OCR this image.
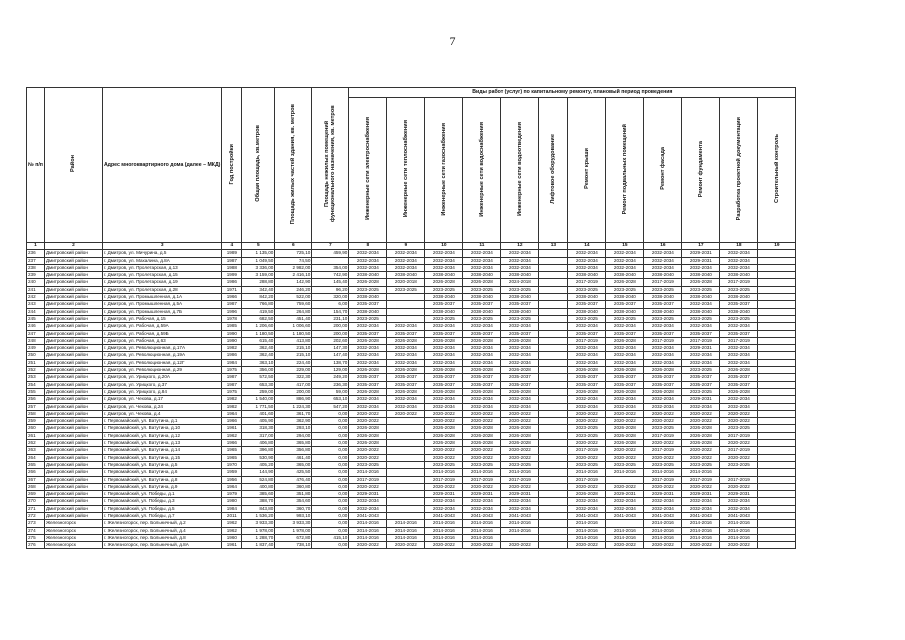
7
№ п/п	Район	Адрес многоквартирного дома (далее – МКД)	Год постройки	Общая площадь, кв.метров	Площадь жилых частей здания, кв. метров	Площадь нежилых помещений функционального назначения, кв. метров	Виды работ (услуг) по капитальному ремонту, плановый период проведения											
							Инженерные сети электроснабжения	Инженерные сети теплоснабжения	Инженерные сети газоснабжения	Инженерные сети водоснабжения	Инженерные сети водоотведения	Лифтовое оборудование	Ремонт крыши	Ремонт подвальных помещений	Ремонт фасада	Ремонт фундамента	Разработка проектной документации	Строительный контроль
1	2	3	4	5	6	7	8	9	10	11	12	13	14	15	16	17	18	19
236	Дмитровский район	г. Дмитров, ул. Мичурина, д.5	1989	1 135,00	725,10	459,90	2032-2034	2032-2034	2032-2034	2032-2034	2032-2034		2032-2034	2032-2034	2032-2034	2029-2031	2032-2034	
237	Дмитровский район	г. Дмитров, ул. Махалина, д.8А	1987	1 049,50	74,50		2032-2034	2032-2034	2032-2034	2032-2034	2032-2034		2032-2034	2032-2034	2032-2034	2029-2031	2032-2034	
238	Дмитровский район	г. Дмитров, ул. Пролетарская, д.13	1988	3 336,00	2 982,00	354,00	2032-2034	2032-2034	2032-2034	2032-2034	2032-2034		2032-2034	2032-2034	2032-2034	2032-2034	2032-2034	
239	Дмитровский район	г. Дмитров, ул. Пролетарская, д.15	1999	3 159,00	2 416,10	742,90	2038-2040	2038-2040	2038-2040	2038-2040	2038-2040		2038-2040	2038-2040	2038-2040	2038-2040	2038-2040	
240	Дмитровский район	г. Дмитров, ул. Пролетарская, д.19	1986	288,80	142,90	145,40	2026-2028	2020-2018	2026-2028	2026-2028	2024-2018		2017-2019	2026-2028	2017-2019	2026-2028	2017-2019	
241	Дмитровский район	г. Дмитров, ул. Пролетарская, д.28	1971	342,40	246,20	96,20	2023-2025	2023-2025	2023-2025	2023-2025	2023-2025		2023-2025	2023-2025	2023-2025	2023-2025	2023-2025	
242	Дмитровский район	г. Дмитров, ул. Промышленная, д.1А	1966	842,20	522,00	320,00	2038-2040		2038-2040	2038-2040	2038-2040		2038-2040	2038-2040	2038-2040	2038-2040	2038-2040	
243	Дмитровский район	г. Дмитров, ул. Промышленная, д.5А	1987	766,80	759,60	6,00	2035-2037		2035-2037	2035-2037	2035-2037		2035-2037	2035-2037	2035-2037	2032-2034	2035-2037	
244	Дмитровский район	г. Дмитров, ул. Промышленная, д.7Б	1996	419,50	264,80	154,70	2038-2040		2038-2040	2038-2040	2038-2040		2038-2040	2038-2040	2038-2040	2038-2040	2038-2040	
245	Дмитровский район	г. Дмитров, ул. Рабочая, д.15	1978	682,50	451,40	231,10	2023-2025		2023-2025	2023-2025	2023-2025		2023-2025	2023-2025	2023-2025	2023-2025	2023-2025	
246	Дмитровский район	г. Дмитров, ул. Рабочая, д.59А	1985	1 206,60	1 006,60	200,00	2032-2034	2032-2034	2032-2034	2032-2034	2032-2034		2032-2034	2032-2034	2032-2034	2032-2034	2032-2034	
247	Дмитровский район	г. Дмитров, ул. Рабочая, д.59Б	1990	1 180,50	1 180,50	200,00	2035-2037	2035-2037	2035-2037	2035-2037	2035-2037		2035-2037	2035-2037	2035-2037	2035-2037	2035-2037	
248	Дмитровский район	г. Дмитров, ул. Рабочая, д.63	1990	615,40	413,80	202,60	2026-2028	2026-2028	2026-2028	2026-2028	2026-2028		2017-2019	2026-2028	2017-2019	2017-2019	2017-2019	
249	Дмитровский район	г. Дмитров, ул. Революционная, д.17А	1982	362,40	215,10	147,30	2032-2034	2032-2034	2032-2034	2032-2034	2032-2034		2032-2034	2032-2034	2032-2034	2029-2031	2032-2034	
250	Дмитровский район	г. Дмитров, ул. Революционная, д.19А	1986	362,40	215,10	147,40	2032-2034	2032-2034	2032-2034	2032-2034	2032-2034		2032-2034	2032-2034	2032-2034	2032-2034	2032-2034	
251	Дмитровский район	г. Дмитров, ул. Революционная, д.12Г	1984	363,10	224,40	138,70	2032-2034	2032-2034	2032-2034	2032-2034	2032-2034		2032-2034	2032-2034	2032-2034	2032-2034	2032-2034	
252	Дмитровский район	г. Дмитров, ул. Революционная, д.29	1975	356,00	229,00	129,00	2026-2028	2026-2028	2026-2028	2026-2028	2026-2028		2026-2028	2026-2028	2026-2028	2023-2025	2026-2028	
253	Дмитровский район	г. Дмитров, ул. Урицкого, д.20А	1987	572,50	322,30	249,20	2035-2037	2035-2037	2035-2037	2035-2037	2035-2037		2035-2037	2035-2037	2035-2037	2035-2037	2035-2037	
254	Дмитровский район	г. Дмитров, ул. Урицкого, д.37	1987	653,30	417,00	236,30	2035-2037	2035-2037	2035-2037	2035-2037	2035-2037		2035-2037	2035-2037	2035-2037	2035-2037	2035-2037	
255	Дмитровский район	г. Дмитров, ул. Урицкого, д.84	1975	259,00	200,00	59,00	2026-2028	2026-2028	2026-2028	2026-2028	2026-2028		2026-2028	2026-2028	2026-2028	2023-2025	2026-2028	
256	Дмитровский район	г. Дмитров, ул. Чехова, д.17	1982	1 540,00	886,90	653,10	2032-2034	2032-2034	2032-2034	2032-2034	2032-2034		2032-2034	2032-2034	2032-2034	2029-2031	2032-2034	
257	Дмитровский район	г. Дмитров, ул. Чехова, д.24	1982	1 771,50	1 224,30	547,20	2032-2034	2032-2034	2032-2034	2032-2034	2032-2034		2032-2034	2032-2034	2032-2034	2032-2034	2032-2034	
258	Дмитровский район	г. Дмитров, ул. Чехова, д.4	1964	401,60	361,70	0,00	2020-2022	2020-2022	2020-2022	2020-2022	2020-2022		2020-2022	2020-2022	2020-2022	2020-2022	2020-2022	
259	Дмитровский район	г. Первомайский, ул. Ватутина, д.1	1966	405,90	362,90	0,00	2020-2022		2020-2022	2020-2022	2020-2022		2020-2022	2020-2022	2020-2022	2020-2022	2020-2022	
260	Дмитровский район	г. Первомайский, ул. Ватутина, д.10	1961	318,30	293,10	0,00	2026-2028		2026-2028	2026-2028	2026-2028		2023-2025	2026-2028	2023-2025	2026-2028	2023-2025	
261	Дмитровский район	г. Первомайский, ул. Ватутина, д.12	1962	317,00	294,00	0,00	2026-2028		2026-2028	2026-2028	2026-2028		2023-2025	2026-2028	2017-2019	2026-2028	2017-2019	
262	Дмитровский район	г. Первомайский, ул. Ватутина, д.13	1966	406,80	365,80	0,00	2026-2028		2026-2028	2026-2028	2026-2028		2020-2022	2026-2028	2020-2022	2026-2028	2020-2022	
263	Дмитровский район	г. Первомайский, ул. Ватутина, д.14	1965	396,80	356,80	0,00	2020-2022		2020-2022	2020-2022	2020-2022		2017-2019	2020-2022	2017-2019	2020-2022	2017-2019	
264	Дмитровский район	г. Первомайский, ул. Ватутина, д.15	1965	530,90	461,40	0,00	2020-2022		2020-2022	2020-2022	2020-2022		2020-2022	2020-2022	2020-2022	2020-2022	2020-2022	
265	Дмитровский район	г. Первомайский, ул. Ватутина, д.5	1970	405,20	365,00	0,00	2023-2025		2023-2025	2023-2025	2023-2025		2023-2025	2023-2025	2023-2025	2023-2025	2023-2025	
266	Дмитровский район	г. Первомайский, ул. Ватутина, д.6	1959	144,90	425,50	0,00	2014-2016		2014-2016	2014-2016	2014-2016		2014-2016	2014-2016	2014-2016	2014-2016		
267	Дмитровский район	г. Первомайский, ул. Ватутина, д.8	1956	524,80	476,40	0,00	2017-2019		2017-2019	2017-2019	2017-2019		2017-2019		2017-2019	2017-2019	2017-2019	
268	Дмитровский район	г. Первомайский, ул. Ватутина, д.9	1964	400,80	360,80	0,00	2020-2022		2020-2022	2020-2022	2020-2022		2020-2022	2020-2022	2020-2022	2020-2022	2020-2022	
269	Дмитровский район	г. Первомайский, ул. Победы, д.1	1979	385,60	351,80	0,00	2029-2031		2029-2031	2029-2031	2029-2031		2026-2028	2029-2031	2029-2031	2029-2031	2029-2031	
270	Дмитровский район	г. Первомайский, ул. Победы, д.3	1980	388,70	354,60	0,00	2032-2034		2032-2034	2032-2034	2032-2034		2032-2034	2032-2034	2032-2034	2032-2034	2032-2034	
271	Дмитровский район	г. Первомайский, ул. Победы, д.5	1984	843,80	360,70	0,00	2032-2034		2032-2034	2032-2034	2032-2034		2032-2034	2032-2034	2032-2034	2032-2034	2032-2034	
272	Дмитровский район	г. Первомайский, ул. Победы, д.7	2011	1 536,20	993,10	0,00	2041-2043		2041-2043	2041-2043	2041-2043		2041-2043	2041-2043	2041-2043	2041-2043	2041-2043	
273	Железногорск	г. Железногорск, пер. Больничный, д.2	1962	3 933,30	3 933,30	0,00	2014-2016	2014-2016	2014-2016	2014-2016	2014-2016		2014-2016		2014-2016	2014-2016	2014-2016	
274	Железногорск	г. Железногорск, пер. Больничный, д.4	1962	1 978,00	1 978,00	0,00	2014-2016	2014-2016	2014-2016	2014-2016	2014-2016		2014-2016	2014-2016	2014-2016	2014-2016	2014-2016	
275	Железногорск	г. Железногорск, пер. Больничный, д.8	1960	1 288,70	672,80	415,10	2014-2016	2014-2016	2014-2016	2014-2016			2014-2016	2014-2016	2014-2016	2014-2016	2014-2016	
276	Железногорск	г. Железногорск, пер. Больничный, д.8А	1961	1 837,40	738,10	0,00	2020-2022	2020-2022	2020-2022	2020-2022	2020-2022		2020-2022	2020-2022	2020-2022	2020-2022	2020-2022	
